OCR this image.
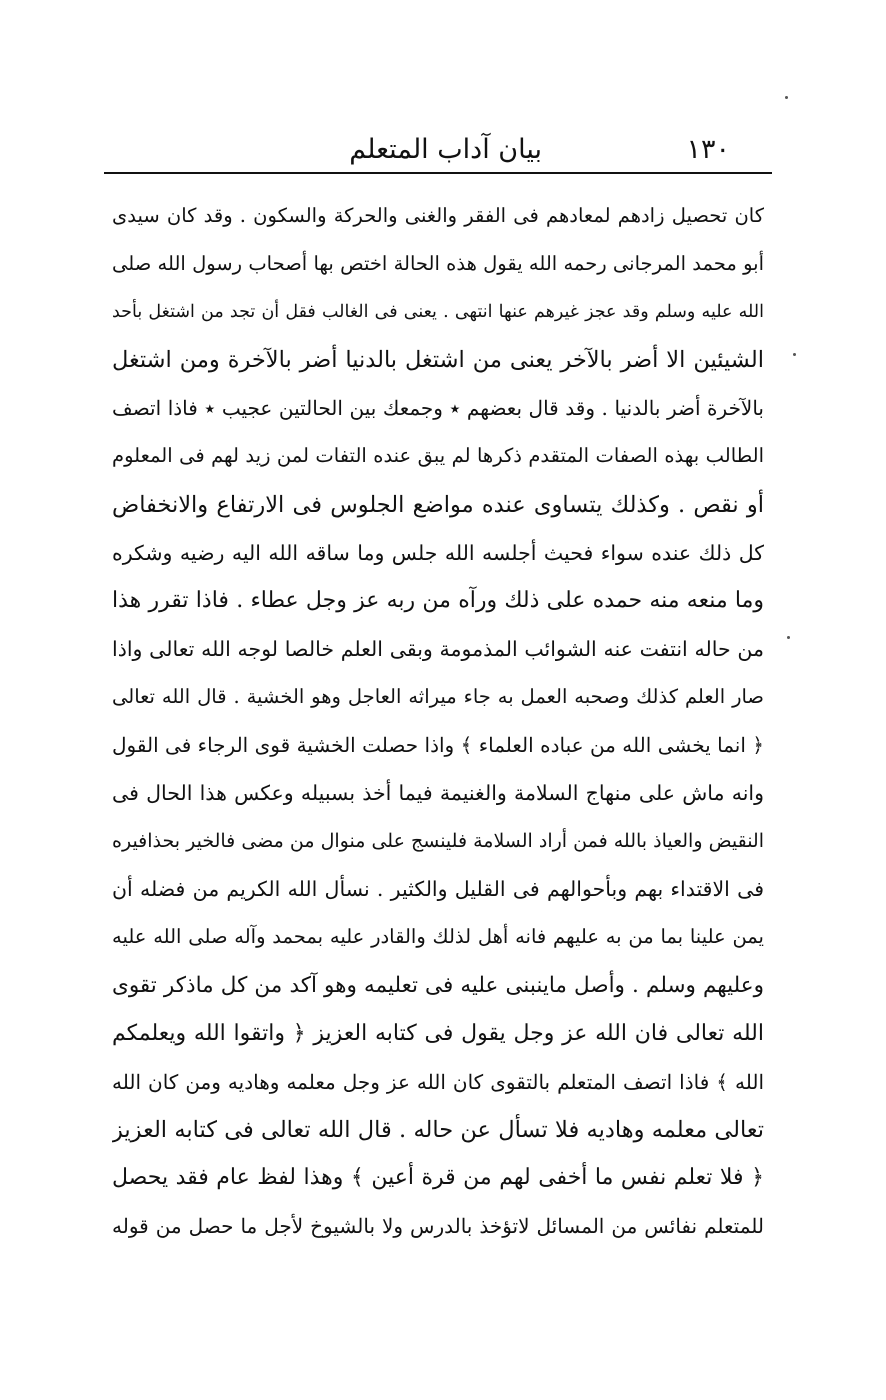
١٣٠
بيان آداب المتعلم
كان تحصيل زادهم لمعادهم فى الفقر والغنى والحركة والسكون . وقد كان سيدى
أبو محمد المرجانى رحمه الله يقول هذه الحالة اختص بها أصحاب رسول الله صلى
الله عليه وسلم وقد عجز غيرهم عنها انتهى . يعنى فى الغالب فقل أن تجد من اشتغل بأحد
الشيئين الا أضر بالآخر يعنى من اشتغل بالدنيا أضر بالآخرة ومن اشتغل
بالآخرة أضر بالدنيا . وقد قال بعضهم ٭ وجمعك بين الحالتين عجيب ٭ فاذا اتصف
الطالب بهذه الصفات المتقدم ذكرها لم يبق عنده التفات لمن زيد لهم فى المعلوم
أو نقص . وكذلك يتساوى عنده مواضع الجلوس فى الارتفاع والانخفاض
كل ذلك عنده سواء فحيث أجلسه الله جلس وما ساقه الله اليه رضيه وشكره
وما منعه منه حمده على ذلك ورآه من ربه عز وجل عطاء . فاذا تقرر هذا
من حاله انتفت عنه الشوائب المذمومة وبقى العلم خالصا لوجه الله تعالى واذا
صار العلم كذلك وصحبه العمل به جاء ميراثه العاجل وهو الخشية . قال الله تعالى
﴿ انما يخشى الله من عباده العلماء ﴾ واذا حصلت الخشية قوى الرجاء فى القول
وانه ماش على منهاج السلامة والغنيمة فيما أخذ بسبيله وعكس هذا الحال فى
النقيض والعياذ بالله فمن أراد السلامة فلينسج على منوال من مضى فالخير بحذافيره
فى الاقتداء بهم وبأحوالهم فى القليل والكثير . نسأل الله الكريم من فضله أن
يمن علينا بما من به عليهم فانه أهل لذلك والقادر عليه بمحمد وآله صلى الله عليه
وعليهم وسلم . وأصل ماينبنى عليه فى تعليمه وهو آكد من كل ماذكر تقوى
الله تعالى فان الله عز وجل يقول فى كتابه العزيز ﴿ واتقوا الله ويعلمكم
الله ﴾ فاذا اتصف المتعلم بالتقوى كان الله عز وجل معلمه وهاديه ومن كان الله
تعالى معلمه وهاديه فلا تسأل عن حاله . قال الله تعالى فى كتابه العزيز
﴿ فلا تعلم نفس ما أخفى لهم من قرة أعين ﴾ وهذا لفظ عام فقد يحصل
للمتعلم نفائس من المسائل لاتؤخذ بالدرس ولا بالشيوخ لأجل ما حصل من قوله
